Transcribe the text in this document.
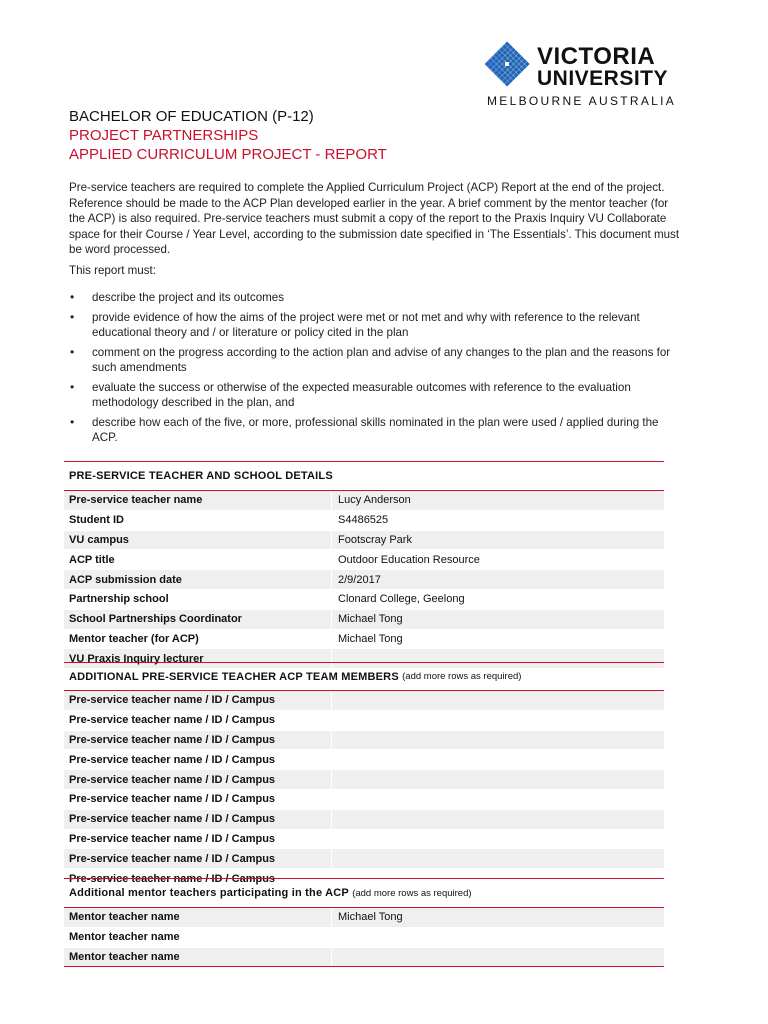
VICTORIA
UNIVERSITY
MELBOURNE AUSTRALIA
BACHELOR OF EDUCATION (P-12)
PROJECT PARTNERSHIPS
APPLIED CURRICULUM PROJECT - REPORT
Pre-service teachers are required to complete the Applied Curriculum Project (ACP) Report at the end of the project. Reference should be made to the ACP Plan developed earlier in the year. A brief comment by the mentor teacher (for the ACP) is also required. Pre-service teachers must submit a copy of the report to the Praxis Inquiry VU Collaborate space for their Course / Year Level, according to the submission date specified in ‘The Essentials’. This document must be word processed.
This report must:
• describe the project and its outcomes
• provide evidence of how the aims of the project were met or not met and why with reference to the relevant educational theory and / or literature or policy cited in the plan
• comment on the progress according to the action plan and advise of any changes to the plan and the reasons for such amendments
• evaluate the success or otherwise of the expected measurable outcomes with reference to the evaluation methodology described in the plan, and
• describe how each of the five, or more, professional skills nominated in the plan were used / applied during the ACP.
PRE-SERVICE TEACHER AND SCHOOL DETAILS
Pre-service teacher name	Lucy Anderson
Student ID	S4486525
VU campus	Footscray Park
ACP title	Outdoor Education Resource
ACP submission date	2/9/2017
Partnership school	Clonard College, Geelong
School Partnerships Coordinator	Michael Tong
Mentor teacher (for ACP)	Michael Tong
VU Praxis Inquiry lecturer
ADDITIONAL PRE-SERVICE TEACHER ACP TEAM MEMBERS
(add more rows as required)
Pre-service teacher name / ID / Campus
Pre-service teacher name / ID / Campus
Pre-service teacher name / ID / Campus
Pre-service teacher name / ID / Campus
Pre-service teacher name / ID / Campus
Pre-service teacher name / ID / Campus
Pre-service teacher name / ID / Campus
Pre-service teacher name / ID / Campus
Pre-service teacher name / ID / Campus
Pre-service teacher name / ID / Campus
Additional mentor teachers participating in the ACP
(add more rows as required)
Mentor teacher name	Michael Tong
Mentor teacher name
Mentor teacher name
